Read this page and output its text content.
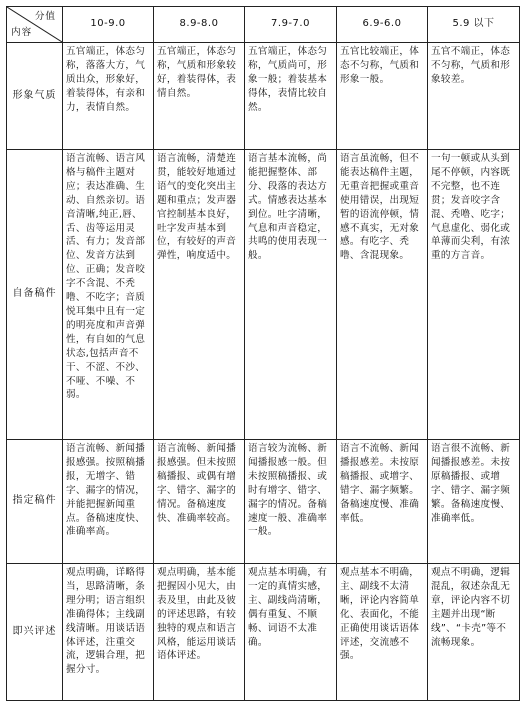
分值
内容	10-9.0	8.9-8.0	7.9-7.0	6.9-6.0	5.9 以下
形象气质	五官端正，体态匀称，落落大方，气质出众，形象好，着装得体，有亲和力，表情自然。	五官端正，体态匀称，气质和形象较好，着装得体，表情自然。	五官端正，体态匀称，气质尚可，形象一般；着装基本得体，表情比较自然。	五官比较端正，体态不匀称，气质和形象一般。	五官不端正，体态不匀称，气质和形象较差。
自备稿件	语言流畅、语言风格与稿件主题对应；表达准确、生动、自然亲切。语音清晰,纯正,唇、舌、齿等运用灵活、有力；发音部位、发音方法到位、正确；发音咬字不含混、不秃噜、不吃字；音质悦耳集中且有一定的明亮度和声音弹性，有自如的气息状态,包括声音不干、不涩、不沙、不哑、不噪、不弱。	语言流畅，清楚连贯，能较好地通过语气的变化突出主题和重点；发声器官控制基本良好，吐字发声基本到位，有较好的声音弹性，响度适中。	语言基本流畅，尚能把握整体、部分、段落的表达方式。情感表达基本到位。吐字清晰，气息和声音稳定，共鸣的使用表现一般。	语言虽流畅，但不能表达稿件主题，无重音把握或重音使用错误，出现短暂的语流停顿，情感不真实，无对象感。有吃字、秃噜、含混现象。	一句一顿或从头到尾不停顿，内容既不完整，也不连贯；发音咬字含混、秃噜、吃字；气息虚化、弱化或单薄而尖利，有浓重的方言音。
指定稿件	语言流畅、新闻播报感强。按照稿播报，无增字、错字、漏字的情况，并能把握新闻重点。备稿速度快、准确率高。	语言流畅、新闻播报感强。但未按照稿播报、或偶有增字、错字、漏字的情况。备稿速度快、准确率较高。	语言较为流畅、新闻播报感一般。但未按照稿播报、或时有增字、错字、漏字的情况。备稿速度一般、准确率一般。	语言不流畅、新闻播报感差。未按原稿播报、或增字、错字、漏字频繁。备稿速度慢、准确率低。	语言很不流畅、新闻播报感差。未按原稿播报、或增字、错字、漏字频繁。备稿速度慢、准确率低。
即兴评述	观点明确，详略得当，思路清晰，条理分明；语言组织准确得体；主线副线清晰。用谈话语体评述，注重交流，逻辑合理，把握分寸。	观点明确，基本能把握因小见大，由表及里，由此及彼的评述思路，有较独特的观点和语言风格，能运用谈话语体评述。	观点基本明确，有一定的真情实感，主、副线尚清晰，偶有重复、不顺畅、词语不太准确。	观点基本不明确，主、副线不太清晰，评论内容简单化、表面化，不能正确使用谈话语体评述，交流感不强。	观点不明确，逻辑混乱，叙述杂乱无章，评论内容不切主题并出现“断线”、“卡壳”等不流畅现象。
